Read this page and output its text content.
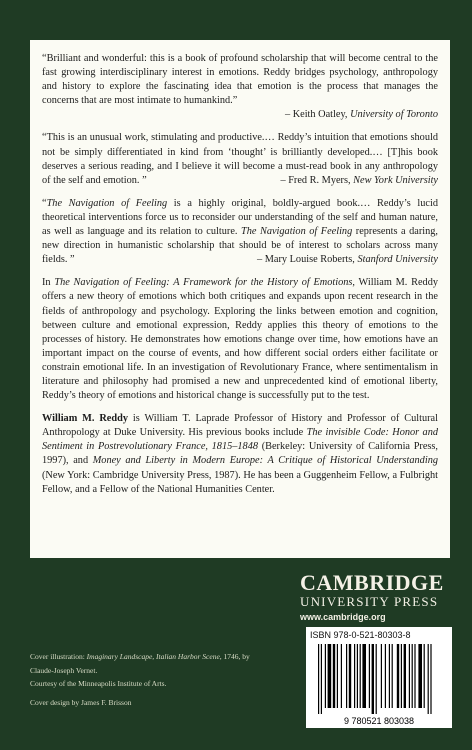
“Brilliant and wonderful: this is a book of profound scholarship that will become central to the fast growing interdisciplinary interest in emotions. Reddy bridges psychology, anthropology and history to explore the fascinating idea that emotion is the process that manages the concerns that are most intimate to humankind.”
– Keith Oatley, University of Toronto

“This is an unusual work, stimulating and productive.… Reddy’s intuition that emotions should not be simply differentiated in kind from ‘thought’ is brilliantly developed.… [T]his book deserves a serious reading, and I believe it will become a must-read book in any anthropology of the self and emotion. ”	– Fred R. Myers, New York University

“The Navigation of Feeling is a highly original, boldly-argued book.… Reddy’s lucid theoretical interventions force us to reconsider our understanding of the self and human nature, as well as language and its relation to culture. The Navigation of Feeling represents a daring, new direction in humanistic scholarship that should be of interest to scholars across many fields. ”	– Mary Louise Roberts, Stanford University

In The Navigation of Feeling: A Framework for the History of Emotions, William M. Reddy offers a new theory of emotions which both critiques and expands upon recent research in the fields of anthropology and psychology. Exploring the links between emotion and cognition, between culture and emotional expression, Reddy applies this theory of emotions to the processes of history. He demonstrates how emotions change over time, how emotions have an important impact on the course of events, and how different social orders either facilitate or constrain emotional life. In an investigation of Revolutionary France, where sentimentalism in literature and philosophy had promised a new and unprecedented kind of emotional liberty, Reddy’s theory of emotions and historical change is successfully put to the test.

William M. Reddy is William T. Laprade Professor of History and Professor of Cultural Anthropology at Duke University. His previous books include The invisible Code: Honor and Sentiment in Postrevolutionary France, 1815–1848 (Berkeley: University of California Press, 1997), and Money and Liberty in Modern Europe: A Critique of Historical Understanding (New York: Cambridge University Press, 1987). He has been a Guggenheim Fellow, a Fulbright Fellow, and a Fellow of the National Humanities Center.

CAMBRIDGE
UNIVERSITY PRESS
www.cambridge.org
Cover illustration: Imaginary Landscape, Italian Harbor Scene, 1746, by Claude-Joseph Vernet.
Courtesy of the Minneapolis Institute of Arts.
Cover design by James F. Brisson
ISBN 978-0-521-80303-8
9 780521 803038
